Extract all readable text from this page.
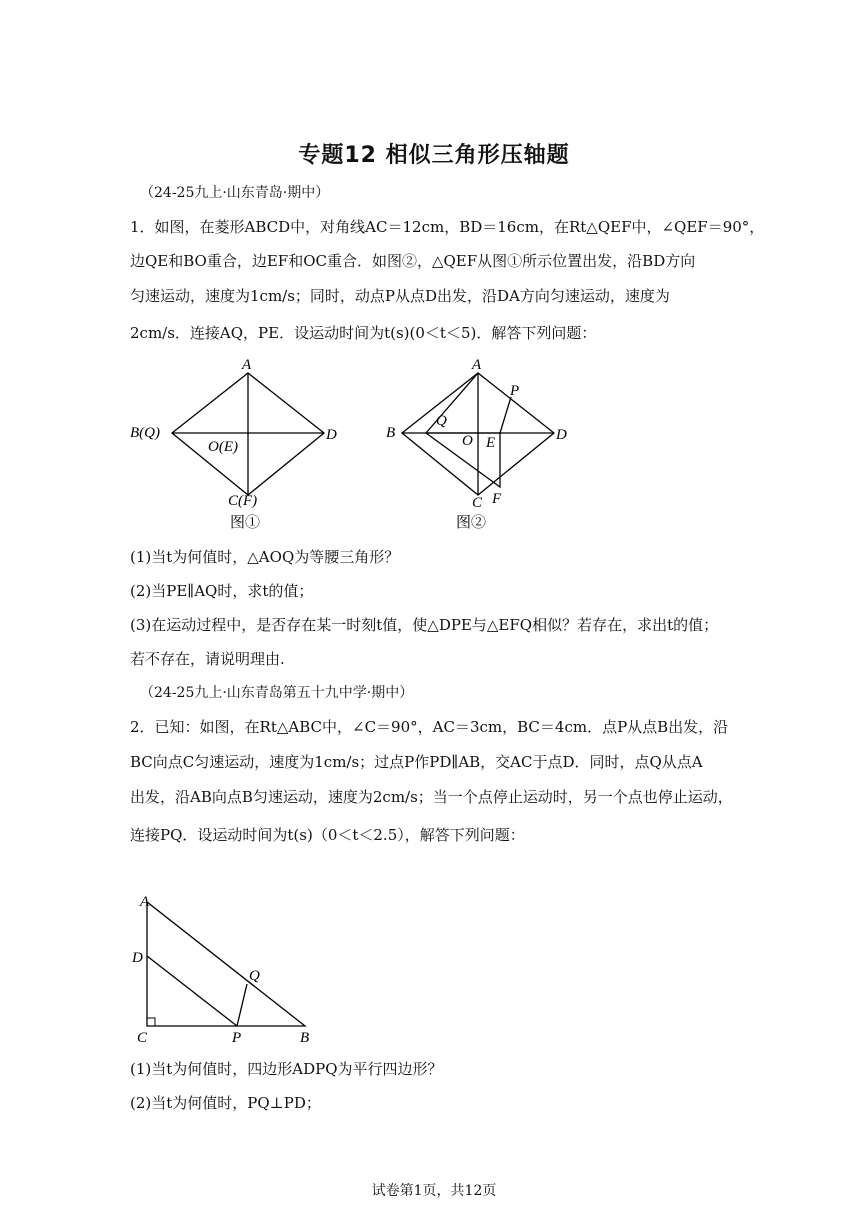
专题12 相似三角形压轴题
（24-25九上·山东青岛·期中）
1．如图，在菱形ABCD中，对角线AC＝12cm，BD＝16cm，在Rt△QEF中，∠QEF＝90°，
边QE和BO重合，边EF和OC重合．如图②，△QEF从图①所示位置出发，沿BD方向
匀速运动，速度为1cm/s；同时，动点P从点D出发，沿DA方向匀速运动，速度为
2cm/s．连接AQ，PE．设运动时间为t(s)(0＜t＜5)．解答下列问题：
A
B(Q)
O(E)
D
C(F)
图①
A
P
Q
B	O E	D
C F
图②
(1)当t为何值时，△AOQ为等腰三角形？
(2)当PE∥AQ时，求t的值；
(3)在运动过程中，是否存在某一时刻t值，使△DPE与△EFQ相似？若存在，求出t的值；
若不存在，请说明理由.
（24-25九上·山东青岛第五十九中学·期中）
2．已知：如图，在Rt△ABC中，∠C＝90°，AC＝3cm，BC＝4cm．点P从点B出发，沿
BC向点C匀速运动，速度为1cm/s；过点P作PD∥AB，交AC于点D．同时，点Q从点A
出发，沿AB向点B匀速运动，速度为2cm/s；当一个点停止运动时，另一个点也停止运动，
连接PQ．设运动时间为t(s)（0＜t＜2.5），解答下列问题：
A
D
Q
C	P	B
(1)当t为何值时，四边形ADPQ为平行四边形？
(2)当t为何值时，PQ⊥PD；
试卷第1页，共12页
